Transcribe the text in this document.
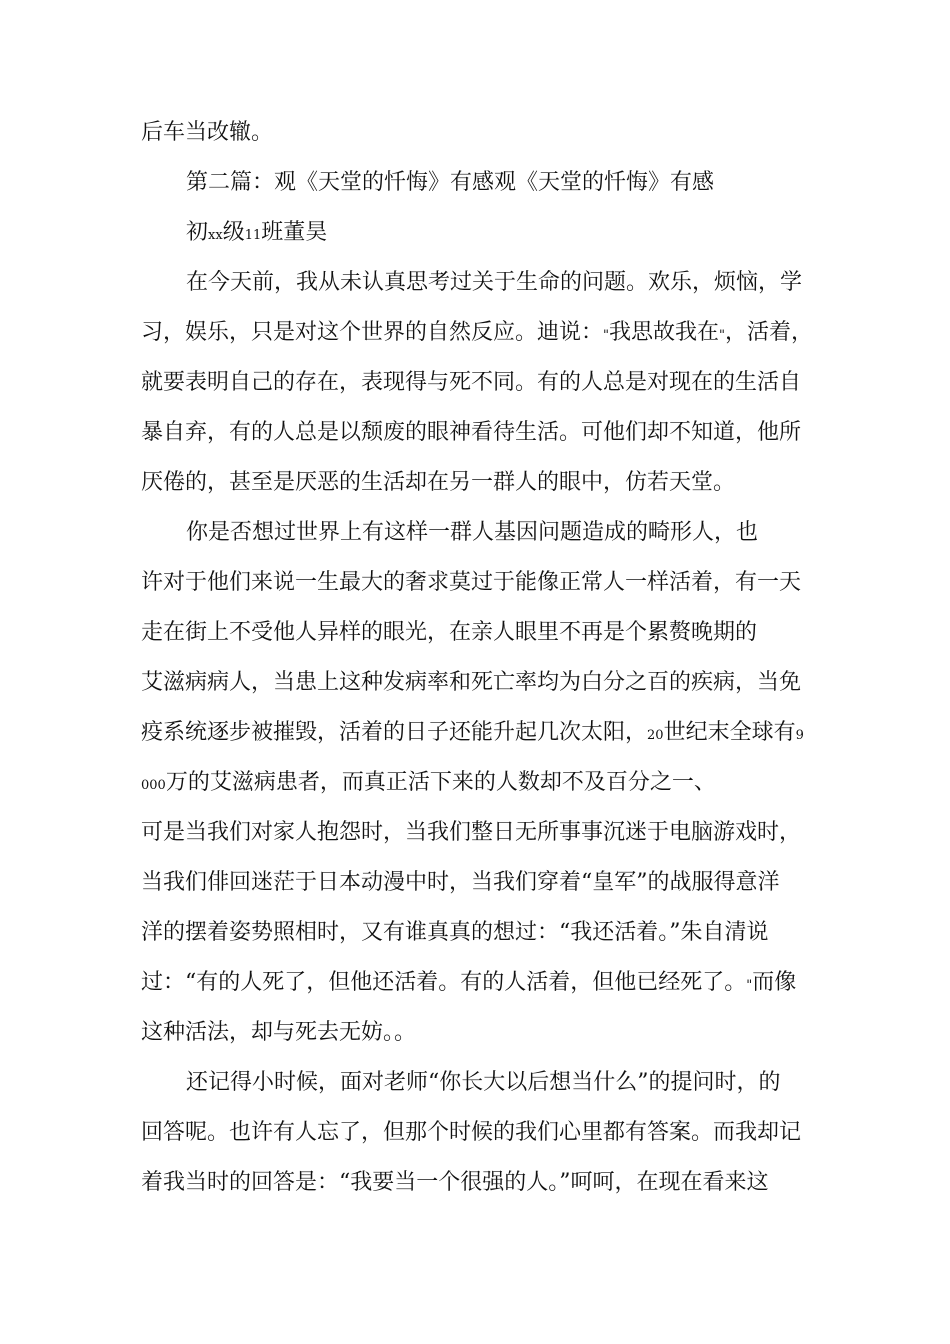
后车当改辙。

第二篇：观《天堂的忏悔》有感观《天堂的忏悔》有感

初xx级11班董昊

在今天前，我从未认真思考过关于生命的问题。欢乐，烦恼，学

习，娱乐，只是对这个世界的自然反应。迪说："我思故我在"，活着，

就要表明自己的存在，表现得与死不同。有的人总是对现在的生活自

暴自弃，有的人总是以颓废的眼神看待生活。可他们却不知道，他所

厌倦的，甚至是厌恶的生活却在另一群人的眼中，仿若天堂。

你是否想过世界上有这样一群人基因问题造成的畸形人，也

许对于他们来说一生最大的奢求莫过于能像正常人一样活着，有一天

走在街上不受他人异样的眼光，在亲人眼里不再是个累赘晚期的

艾滋病病人，当患上这种发病率和死亡率均为白分之百的疾病，当免

疫系统逐步被摧毁，活着的日子还能升起几次太阳，20世纪末全球有9

000万的艾滋病患者，而真正活下来的人数却不及百分之一、

可是当我们对家人抱怨时，当我们整日无所事事沉迷于电脑游戏时，

当我们俳回迷茫于日本动漫中时，当我们穿着“皇军”的战服得意洋

洋的摆着姿势照相时，又有谁真真的想过：“我还活着。”朱自清说

过：“有的人死了，但他还活着。有的人活着，但他已经死了。"而像

这种活法，却与死去无妨。。

还记得小时候，面对老师“你长大以后想当什么”的提问时，的

回答呢。也许有人忘了，但那个时候的我们心里都有答案。而我却记

着我当时的回答是：“我要当一个很强的人。”呵呵，在现在看来这
